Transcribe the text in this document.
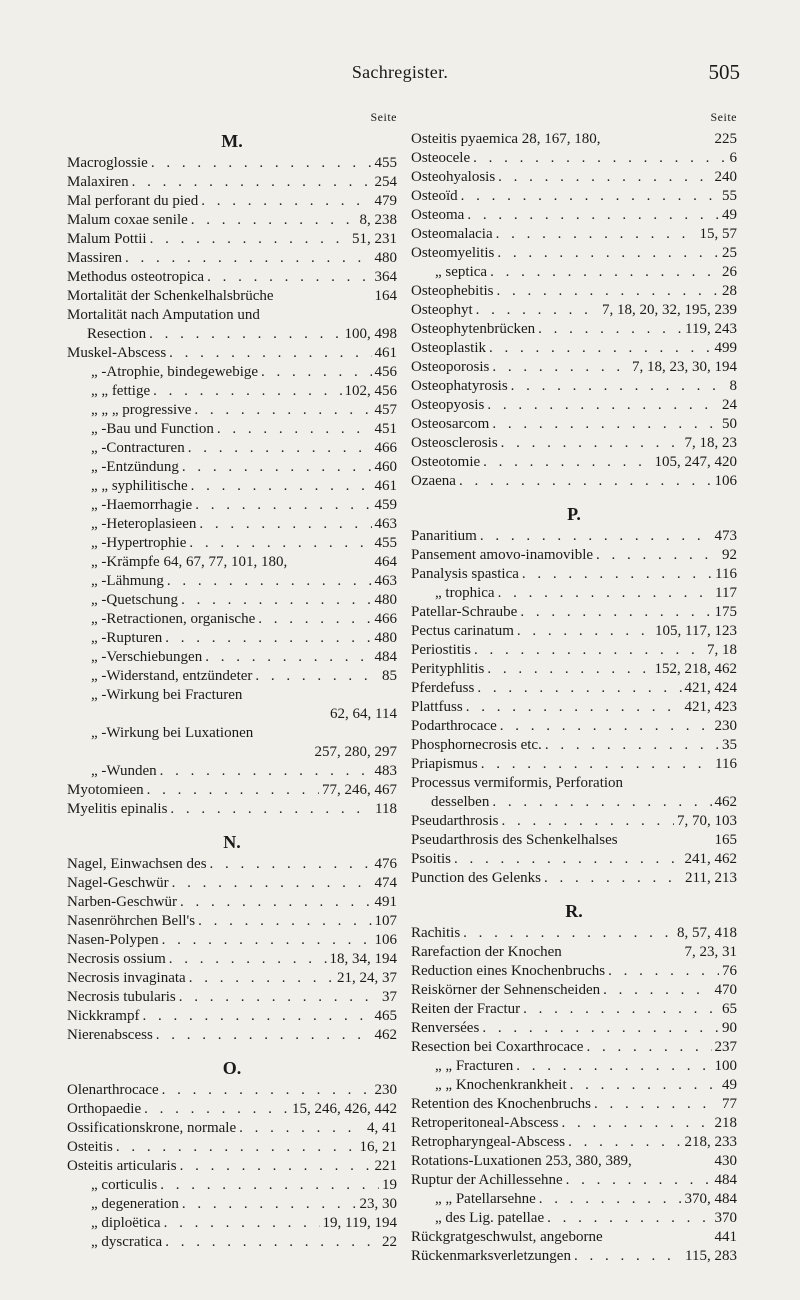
Sachregister.	505
Seite
M.
Macroglossie . . .	455
Malaxiren . . .	254
Mal perforant du pied . . .	479
Malum coxae senile . . .	8, 238
Malum Pottii . . .	51, 231
Massiren . . .	480
Methodus osteotropica . . .	364
Mortalität der Schenkelhalsbrüche	164
Mortalität nach Amputation und
Resection . . .	100, 498
Muskel-Abscess . . .	461
„ -Atrophie, bindegewebige . . .	456
„ „ fettige . . .	102, 456
„ „ „ progressive . . .	457
„ -Bau und Function . . .	451
„ -Contracturen . . .	466
„ -Entzündung . . .	460
„ „ syphilitische . . .	461
„ -Haemorrhagie . . .	459
„ -Heteroplasieen . . .	463
„ -Hypertrophie . . .	455
„ -Krämpfe 64, 67, 77, 101, 180,	464
„ -Lähmung . . .	463
„ -Quetschung . . .	480
„ -Retractionen, organische . . .	466
„ -Rupturen . . .	480
„ -Verschiebungen . . .	484
„ -Widerstand, entzündeter . . .	85
„ -Wirkung bei Fracturen
62, 64, 114
„ -Wirkung bei Luxationen
257, 280, 297
„ -Wunden . . .	483
Myotomieen . . .	77, 246, 467
Myelitis epinalis . . .	118
N.
Nagel, Einwachsen des . . .	476
Nagel-Geschwür . . .	474
Narben-Geschwür . . .	491
Nasenröhrchen Bell's . . .	107
Nasen-Polypen . . .	106
Necrosis ossium . . .	18, 34, 194
Necrosis invaginata . . .	21, 24, 37
Necrosis tubularis . . .	37
Nickkrampf . . .	465
Nierenabscess . . .	462
O.
Olenarthrocace . . .	230
Orthopaedie . . .	15, 246, 426, 442
Ossificationskrone, normale . . .	4, 41
Osteitis . . .	16, 21
Osteitis articularis . . .	221
„ corticulis . . .	19
„ degeneration . . .	23, 30
„ diploëtica . . .	19, 119, 194
„ dyscratica . . .	22
Seite
Osteitis pyaemica 28, 167, 180,	225
Osteocele . . .	6
Osteohyalosis . . .	240
Osteoïd . . .	55
Osteoma . . .	49
Osteomalacia . . .	15, 57
Osteomyelitis . . .	25
„ septica . . .	26
Osteophebitis . . .	28
Osteophyt . . .	7, 18, 20, 32, 195, 239
Osteophytenbrücken . . .	119, 243
Osteoplastik . . .	499
Osteoporosis . . .	7, 18, 23, 30, 194
Osteophatyrosis . . .	8
Osteopyosis . . .	24
Osteosarcom . . .	50
Osteosclerosis . . .	7, 18, 23
Osteotomie . . .	105, 247, 420
Ozaena . . .	106
P.
Panaritium . . .	473
Pansement amovo-inamovible . . .	92
Panalysis spastica . . .	116
„ trophica . . .	117
Patellar-Schraube . . .	175
Pectus carinatum . . .	105, 117, 123
Periostitis . . .	7, 18
Perityphlitis . . .	152, 218, 462
Pferdefuss . . .	421, 424
Plattfuss . . .	421, 423
Podarthrocace . . .	230
Phosphornecrosis etc. . . .	35
Priapismus . . .	116
Processus vermiformis, Perforation
desselben . . .	462
Pseudarthrosis . . .	7, 70, 103
Pseudarthrosis des Schenkelhalses	165
Psoitis . . .	241, 462
Punction des Gelenks . . .	211, 213
R.
Rachitis . . .	8, 57, 418
Rarefaction der Knochen	7, 23, 31
Reduction eines Knochenbruchs . . .	76
Reiskörner der Sehnenscheiden . . .	470
Reiten der Fractur . . .	65
Renversées . . .	90
Resection bei Coxarthrocace . . .	237
„ „ Fracturen . . .	100
„ „ Knochenkrankheit . . .	49
Retention des Knochenbruchs . . .	77
Retroperitoneal-Abscess . . .	218
Retropharyngeal-Abscess . . .	218, 233
Rotations-Luxationen 253, 380, 389,	430
Ruptur der Achillessehne . . .	484
„ „ Patellarsehne . . .	370, 484
„ des Lig. patellae . . .	370
Rückgratgeschwulst, angeborne	441
Rückenmarksverletzungen . . .	115, 283
